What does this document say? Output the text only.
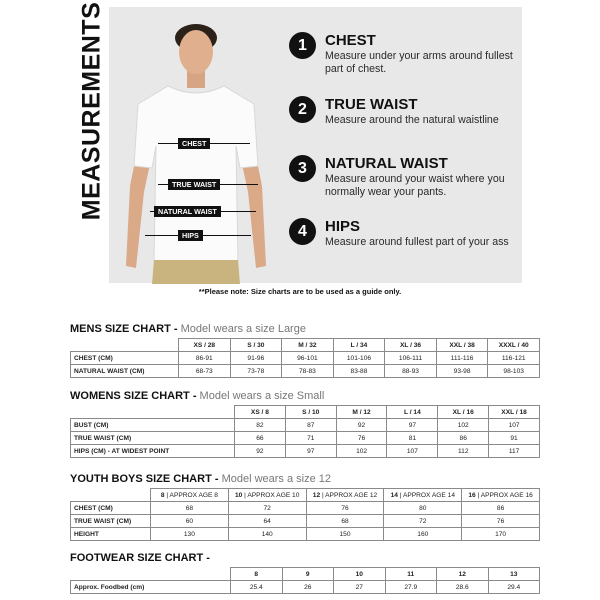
MEASUREMENTS	CHEST
TRUE WAIST
NATURAL WAIST
HIPS
1	CHEST
Measure under your arms around fullest part of chest.
2	TRUE WAIST
Measure around the natural waistline
3	NATURAL WAIST
Measure around your waist where you normally wear your pants.
4	HIPS
Measure around fullest part of your ass
**Please note: Size charts are to be used as a guide only.
MENS SIZE CHART - Model wears a size Large
	XS / 28	S / 30	M / 32	L / 34	XL / 36	XXL / 38	XXXL / 40
CHEST (CM)	86-91	91-96	96-101	101-106	106-111	111-116	116-121
NATURAL WAIST (CM)	68-73	73-78	78-83	83-88	88-93	93-98	98-103
WOMENS SIZE CHART - Model wears a size Small
	XS / 8	S / 10	M / 12	L / 14	XL / 16	XXL / 18
BUST (CM)	82	87	92	97	102	107
TRUE WAIST (CM)	66	71	76	81	86	91
HIPS (CM) - AT WIDEST POINT	92	97	102	107	112	117
YOUTH BOYS SIZE CHART - Model wears a size 12
	8 | APPROX AGE 8	10 | APPROX AGE 10	12 | APPROX AGE 12	14 | APPROX AGE 14	16 | APPROX AGE 16
CHEST (CM)	68	72	76	80	86
TRUE WAIST (CM)	60	64	68	72	76
HEIGHT	130	140	150	160	170
FOOTWEAR SIZE CHART -
	8	9	10	11	12	13
Approx. Foodbed (cm)	25.4	26	27	27.9	28.6	29.4
